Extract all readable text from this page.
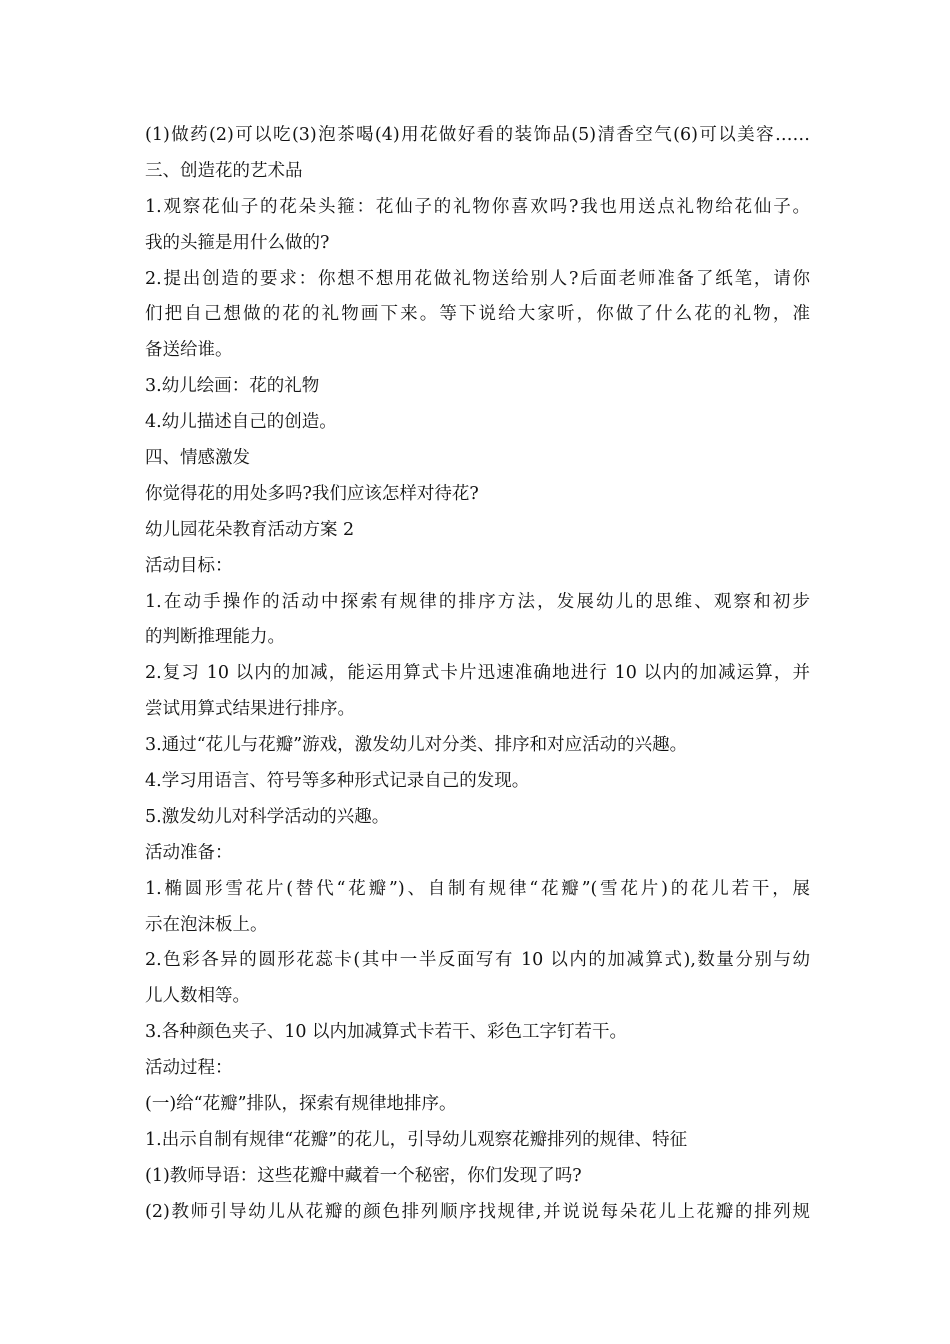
(1)做药(2)可以吃(3)泡茶喝(4)用花做好看的装饰品(5)清香空气(6)可以美容……
三、创造花的艺术品
1.观察花仙子的花朵头箍：花仙子的礼物你喜欢吗?我也用送点礼物给花仙子。
我的头箍是用什么做的?
2.提出创造的要求：你想不想用花做礼物送给别人?后面老师准备了纸笔，请你
们把自己想做的花的礼物画下来。等下说给大家听，你做了什么花的礼物，准
备送给谁。
3.幼儿绘画：花的礼物
4.幼儿描述自己的创造。
四、情感激发
你觉得花的用处多吗?我们应该怎样对待花?
幼儿园花朵教育活动方案 2
活动目标：
1.在动手操作的活动中探索有规律的排序方法，发展幼儿的思维、观察和初步
的判断推理能力。
2.复习 10 以内的加减，能运用算式卡片迅速准确地进行 10 以内的加减运算，并
尝试用算式结果进行排序。
3.通过“花儿与花瓣”游戏，激发幼儿对分类、排序和对应活动的兴趣。
4.学习用语言、符号等多种形式记录自己的发现。
5.激发幼儿对科学活动的兴趣。
活动准备：
1.椭圆形雪花片(替代“花瓣”)、自制有规律“花瓣”(雪花片)的花儿若干，展
示在泡沫板上。
2.色彩各异的圆形花蕊卡(其中一半反面写有 10 以内的加减算式),数量分别与幼
儿人数相等。
3.各种颜色夹子、10 以内加减算式卡若干、彩色工字钉若干。
活动过程：
(一)给“花瓣”排队，探索有规律地排序。
1.出示自制有规律“花瓣”的花儿，引导幼儿观察花瓣排列的规律、特征
(1)教师导语：这些花瓣中藏着一个秘密，你们发现了吗?
(2)教师引导幼儿从花瓣的颜色排列顺序找规律,并说说每朵花儿上花瓣的排列规
